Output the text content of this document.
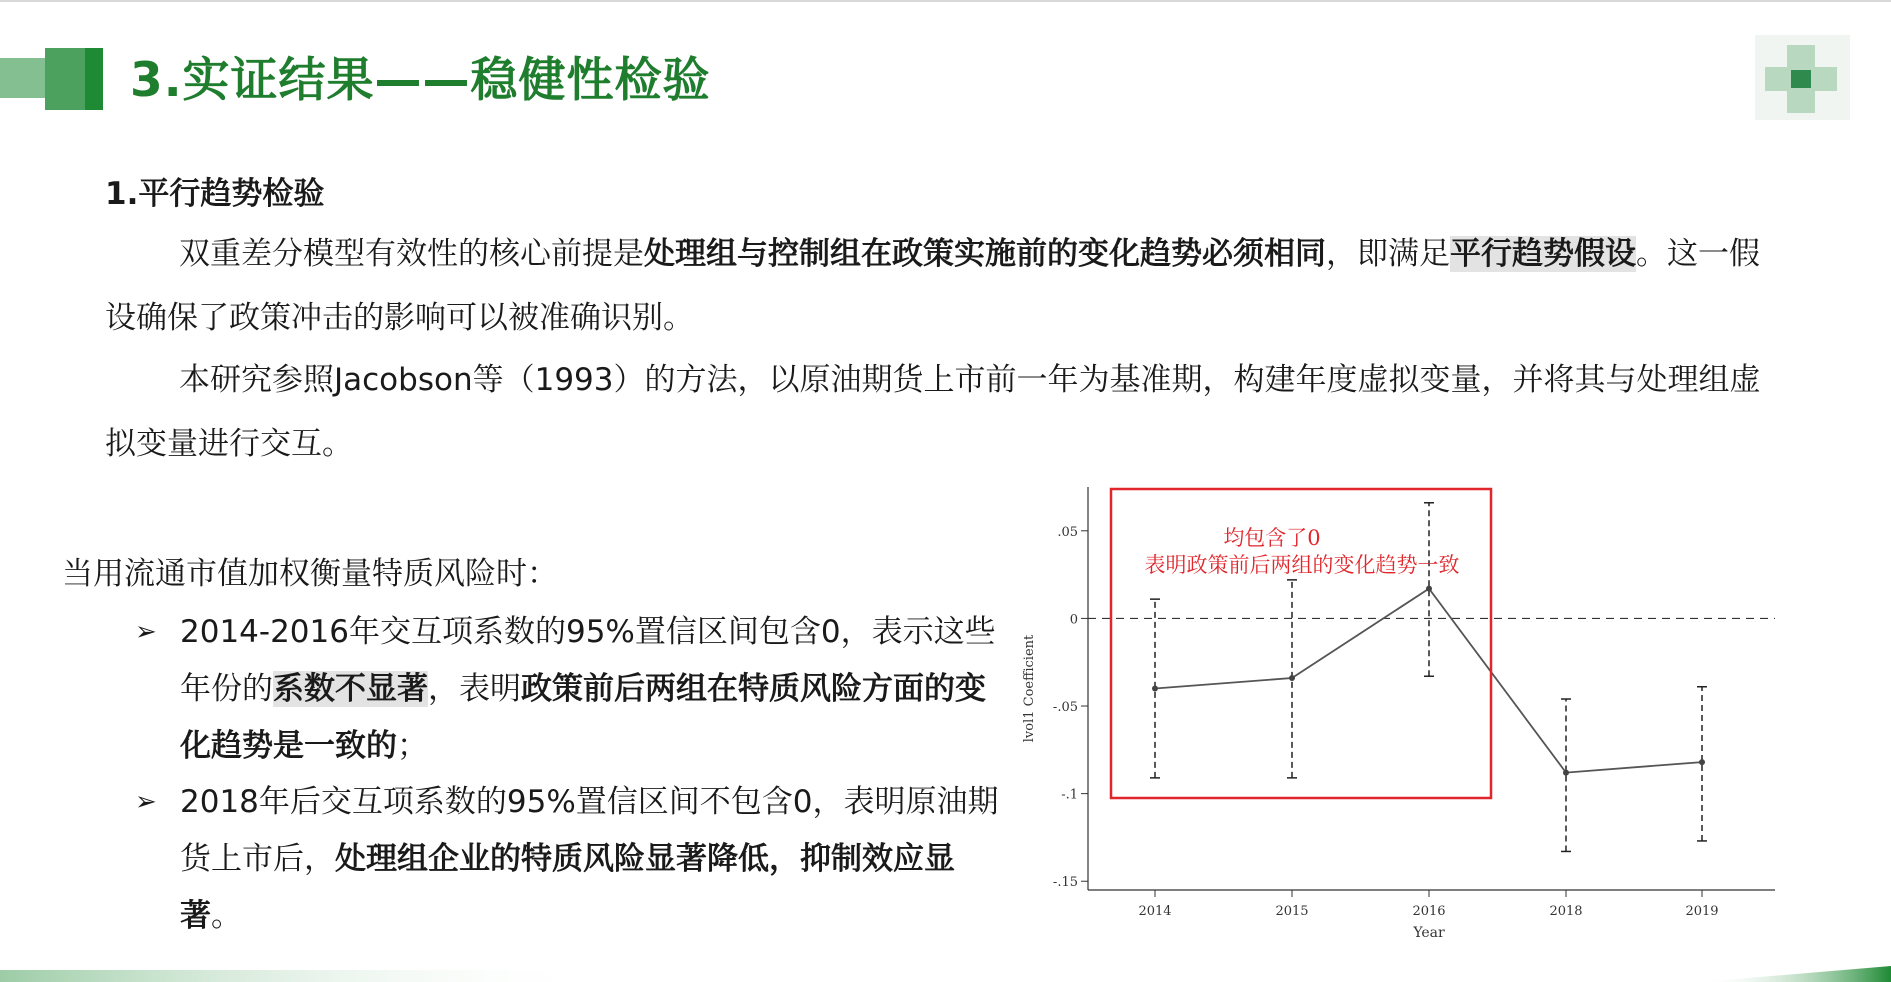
3.实证结果——稳健性检验
1.平行趋势检验
双重差分模型有效性的核心前提是处理组与控制组在政策实施前的变化趋势必须相同，即满足平行趋势假设。这一假设确保了政策冲击的影响可以被准确识别。
本研究参照Jacobson等（1993）的方法，以原油期货上市前一年为基准期，构建年度虚拟变量，并将其与处理组虚拟变量进行交互。
当用流通市值加权衡量特质风险时：
➢ 2014-2016年交互项系数的95%置信区间包含0，表示这些年份的系数不显著，表明政策前后两组在特质风险方面的变化趋势是一致的；
➢ 2018年后交互项系数的95%置信区间不包含0，表明原油期货上市后，处理组企业的特质风险显著降低，抑制效应显著。
.05
0
-.05
-.1
-.15
2014	2015	2016	2018	2019
Year
lvol1 Coefficient
均包含了0
表明政策前后两组的变化趋势一致
